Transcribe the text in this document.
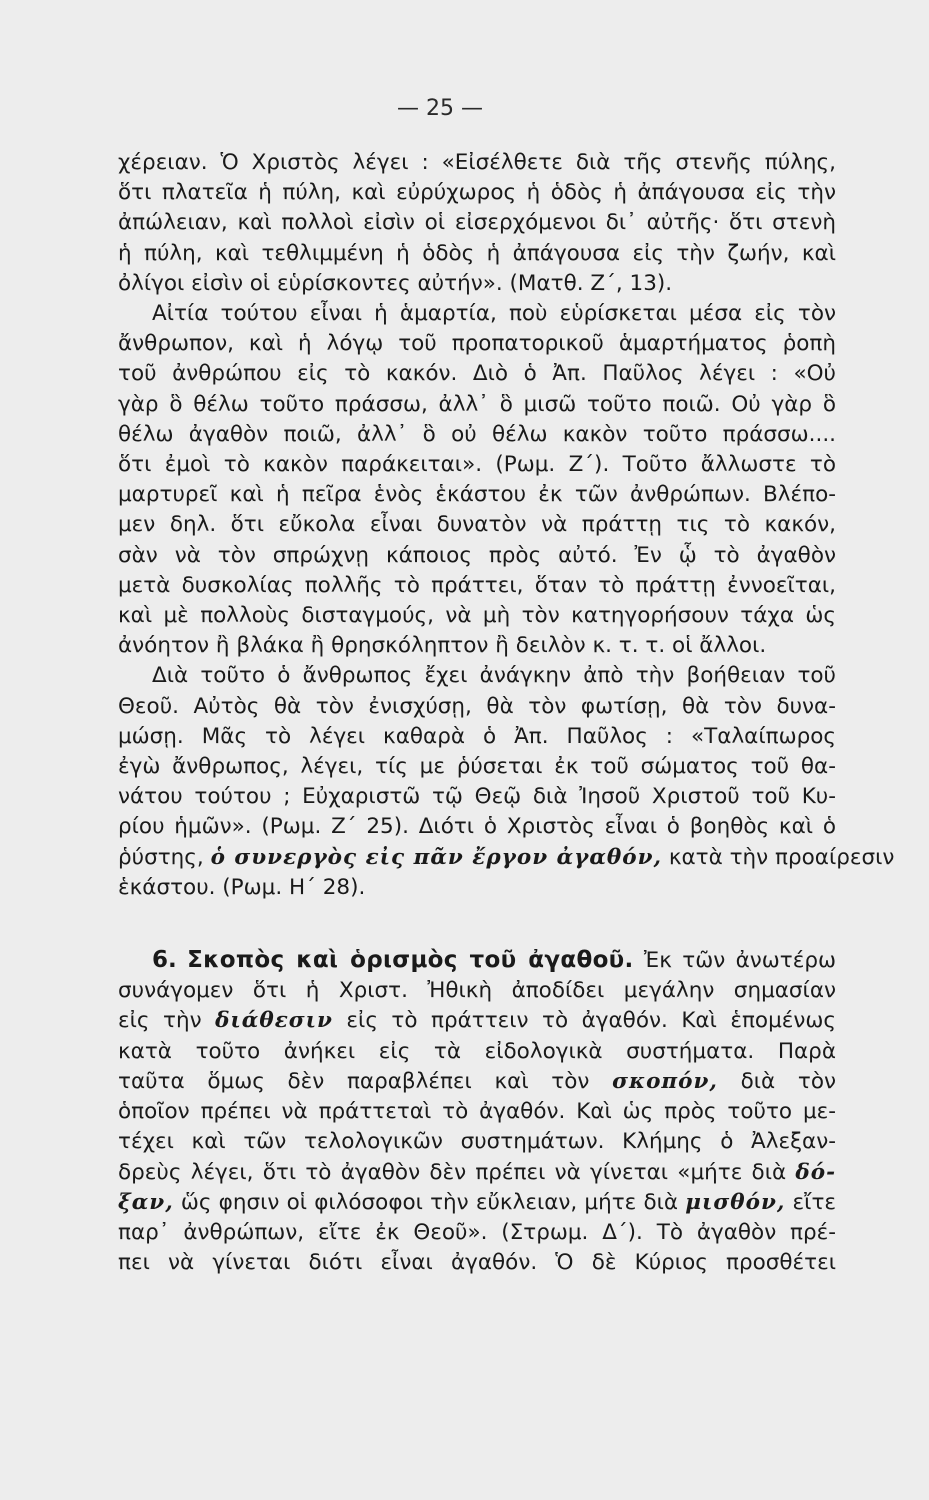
— 25 —
χέρειαν. Ὁ Χριστὸς λέγει : «Εἰσέλθετε διὰ τῆς στενῆς πύλης,
ὅτι πλατεῖα ἡ πύλη, καὶ εὐρύχωρος ἡ ὁδὸς ἡ ἀπάγουσα εἰς τὴν
ἀπώλειαν, καὶ πολλοὶ εἰσὶν οἱ εἰσερχόμενοι δι᾿ αὐτῆς· ὅτι στενὴ
ἡ πύλη, καὶ τεθλιμμένη ἡ ὁδὸς ἡ ἀπάγουσα εἰς τὴν ζωήν, καὶ
ὀλίγοι εἰσὶν οἱ εὑρίσκοντες αὐτήν». (Ματθ. Ζ΄, 13).
Αἰτία τούτου εἶναι ἡ ἁμαρτία, ποὺ εὑρίσκεται μέσα εἰς τὸν
ἄνθρωπον, καὶ ἡ λόγῳ τοῦ προπατορικοῦ ἁμαρτήματος ῥοπὴ
τοῦ ἀνθρώπου εἰς τὸ κακόν. Διὸ ὁ Ἀπ. Παῦλος λέγει : «Οὐ
γὰρ ὃ θέλω τοῦτο πράσσω, ἀλλ᾿ ὃ μισῶ τοῦτο ποιῶ. Οὐ γὰρ ὃ
θέλω ἀγαθὸν ποιῶ, ἀλλ᾿ ὃ οὐ θέλω κακὸν τοῦτο πράσσω....
ὅτι ἐμοὶ τὸ κακὸν παράκειται». (Ρωμ. Ζ΄). Τοῦτο ἄλλωστε τὸ
μαρτυρεῖ καὶ ἡ πεῖρα ἑνὸς ἑκάστου ἐκ τῶν ἀνθρώπων. Βλέπο-
μεν δηλ. ὅτι εὔκολα εἶναι δυνατὸν νὰ πράττῃ τις τὸ κακόν,
σὰν νὰ τὸν σπρώχνῃ κάποιος πρὸς αὐτό. Ἐν ᾧ τὸ ἀγαθὸν
μετὰ δυσκολίας πολλῆς τὸ πράττει, ὅταν τὸ πράττῃ ἐννοεῖται,
καὶ μὲ πολλοὺς δισταγμούς, νὰ μὴ τὸν κατηγορήσουν τάχα ὡς
ἀνόητον ἢ βλάκα ἢ θρησκόληπτον ἢ δειλὸν κ. τ. τ. οἱ ἄλλοι.
Διὰ τοῦτο ὁ ἄνθρωπος ἔχει ἀνάγκην ἀπὸ τὴν βοήθειαν τοῦ
Θεοῦ. Αὐτὸς θὰ τὸν ἐνισχύσῃ, θὰ τὸν φωτίσῃ, θὰ τὸν δυνα-
μώσῃ. Μᾶς τὸ λέγει καθαρὰ ὁ Ἀπ. Παῦλος : «Ταλαίπωρος
ἐγὼ ἄνθρωπος, λέγει, τίς με ῥύσεται ἐκ τοῦ σώματος τοῦ θα-
νάτου τούτου ; Εὐχαριστῶ τῷ Θεῷ διὰ Ἰησοῦ Χριστοῦ τοῦ Κυ-
ρίου ἡμῶν». (Ρωμ. Ζ΄ 25). Διότι ὁ Χριστὸς εἶναι ὁ βοηθὸς καὶ ὁ
ῥύστης, ὁ συνεργὸς εἰς πᾶν ἔργον ἀγαθόν, κατὰ τὴν προαίρεσιν
ἑκάστου. (Ρωμ. Η΄ 28).
6. Σκοπὸς καὶ ὁρισμὸς τοῦ ἀγαθοῦ. Ἐκ τῶν ἀνωτέρω
συνάγομεν ὅτι ἡ Χριστ. Ἠθικὴ ἀποδίδει μεγάλην σημασίαν
εἰς τὴν διάθεσιν εἰς τὸ πράττειν τὸ ἀγαθόν. Καὶ ἑπομένως
κατὰ τοῦτο ἀνήκει εἰς τὰ εἰδολογικὰ συστήματα. Παρὰ
ταῦτα ὅμως δὲν παραβλέπει καὶ τὸν σκοπόν, διὰ τὸν
ὁποῖον πρέπει νὰ πράττεταὶ τὸ ἀγαθόν. Καὶ ὡς πρὸς τοῦτο με-
τέχει καὶ τῶν τελολογικῶν συστημάτων. Κλήμης ὁ Ἀλεξαν-
δρεὺς λέγει, ὅτι τὸ ἀγαθὸν δὲν πρέπει νὰ γίνεται «μήτε διὰ δό-
ξαν, ὥς φησιν οἱ φιλόσοφοι τὴν εὔκλειαν, μήτε διὰ μισθόν, εἴτε
παρ᾿ ἀνθρώπων, εἴτε ἐκ Θεοῦ». (Στρωμ. Δ΄). Τὸ ἀγαθὸν πρέ-
πει νὰ γίνεται διότι εἶναι ἀγαθόν. Ὁ δὲ Κύριος προσθέτει
